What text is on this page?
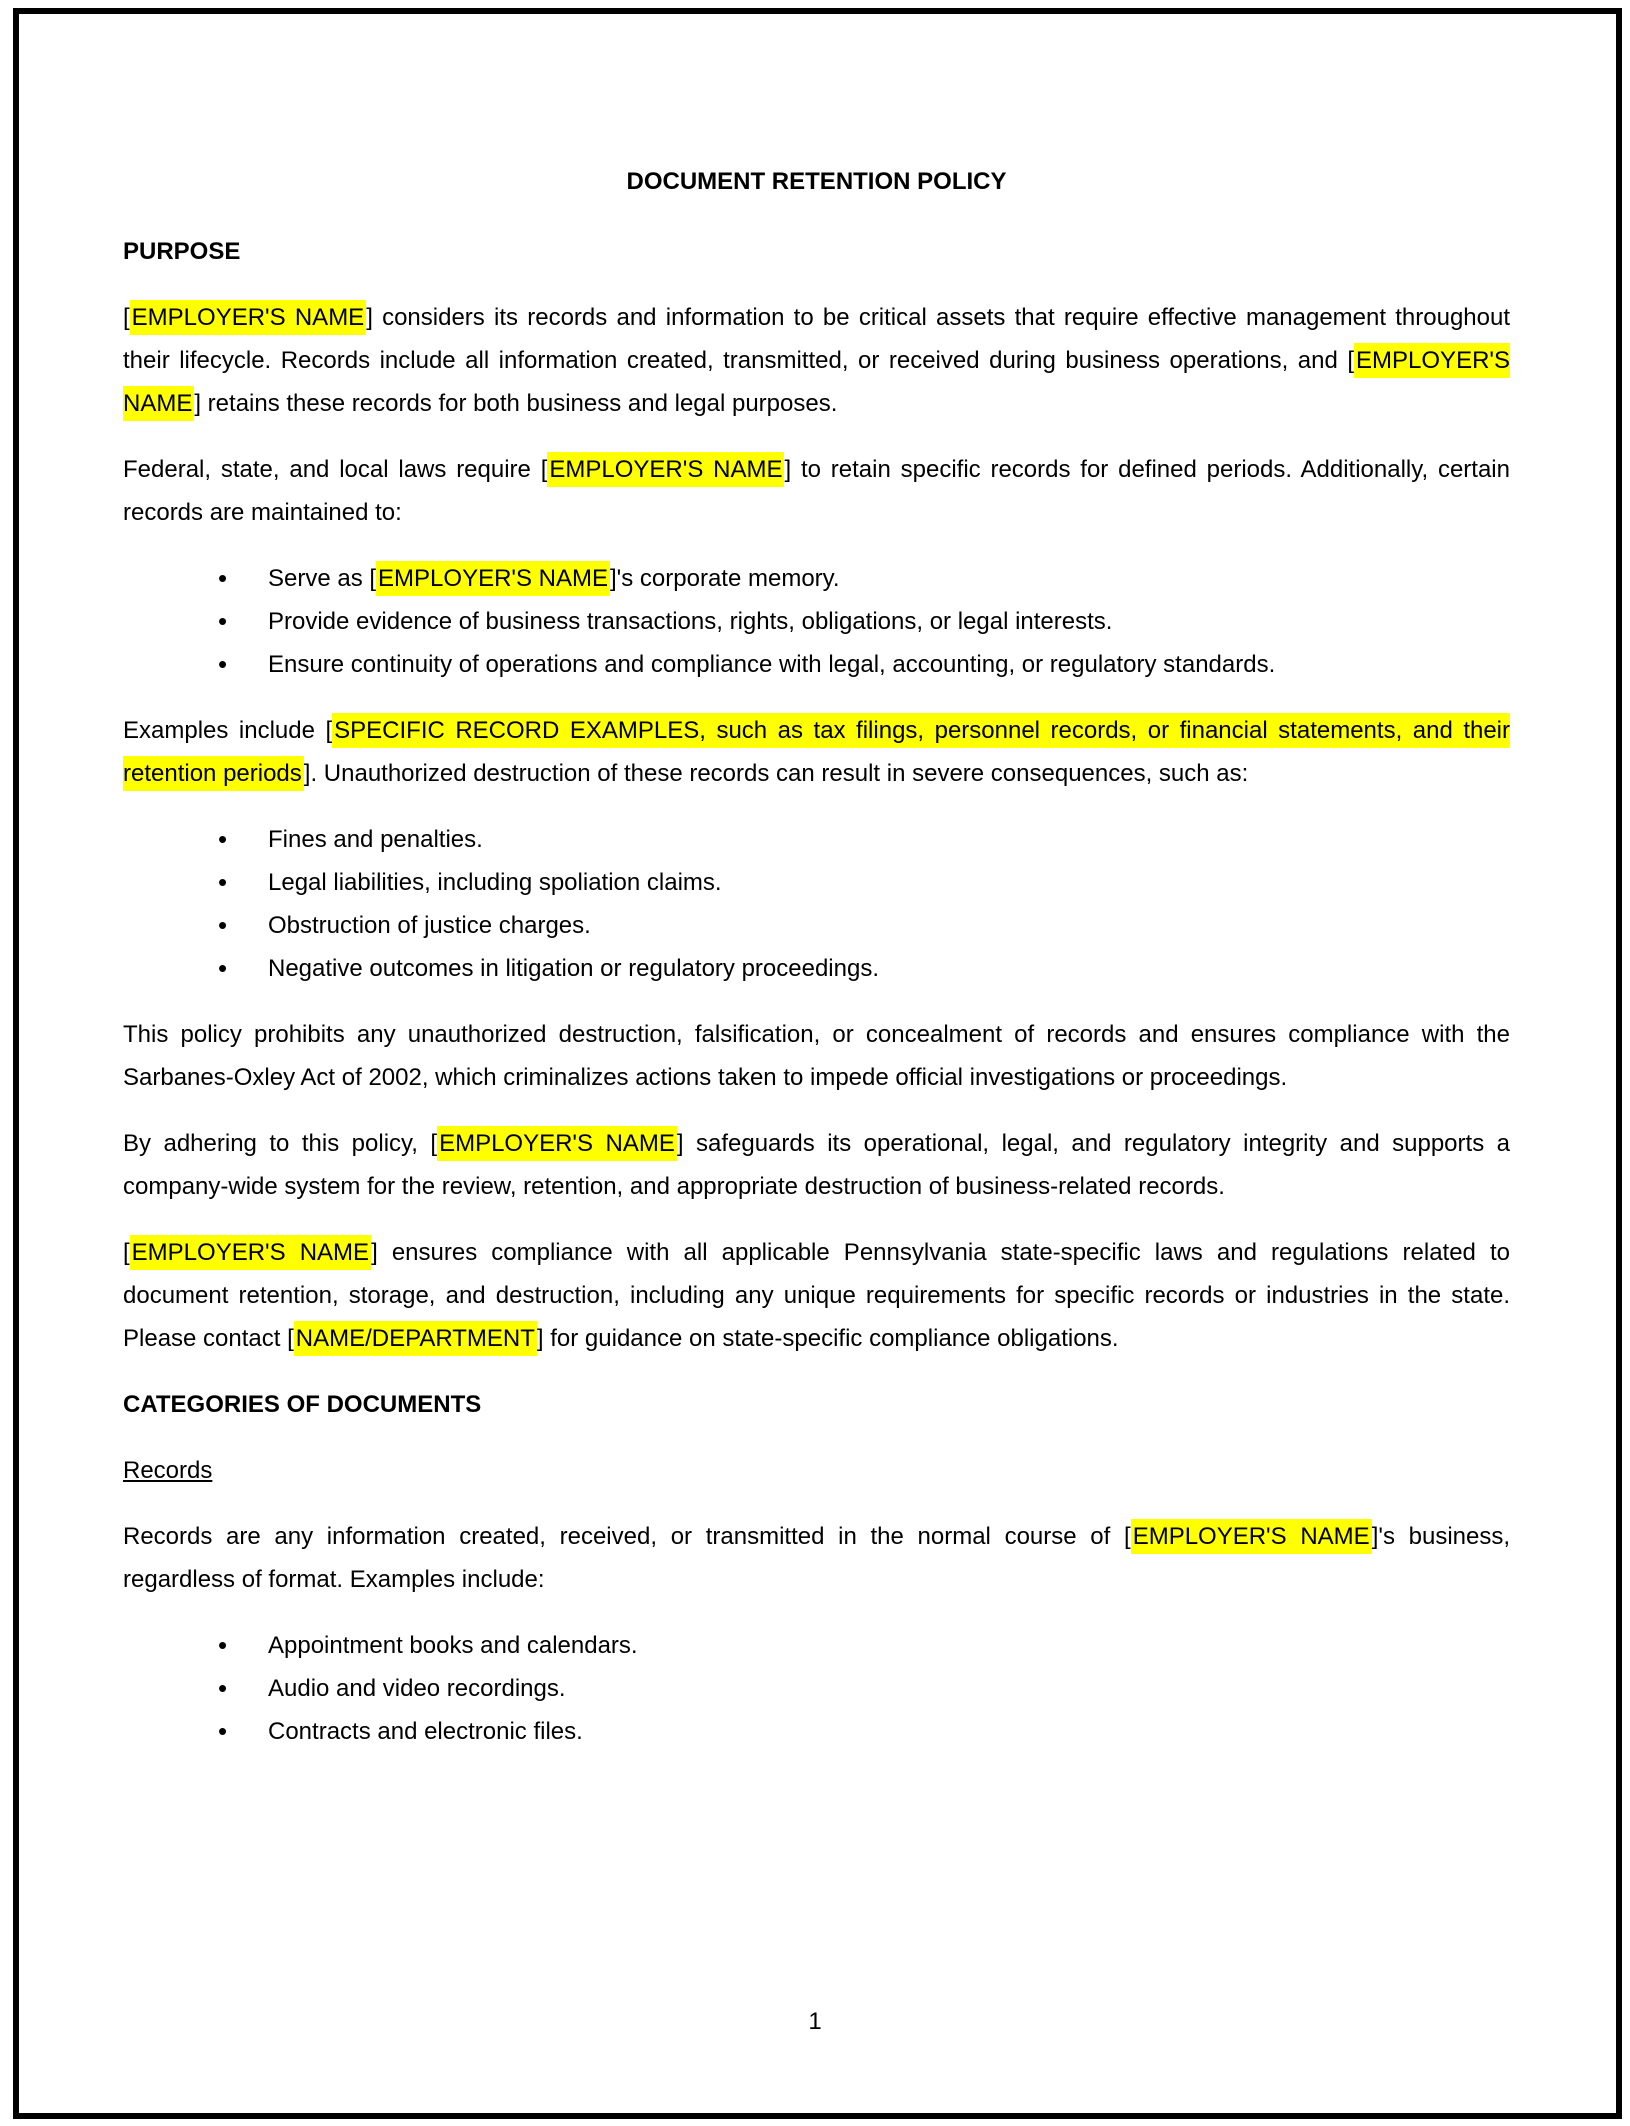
DOCUMENT RETENTION POLICY

PURPOSE

[EMPLOYER'S NAME] considers its records and information to be critical assets that require effective management throughout their lifecycle. Records include all information created, transmitted, or received during business operations, and [EMPLOYER'S NAME] retains these records for both business and legal purposes.

Federal, state, and local laws require [EMPLOYER'S NAME] to retain specific records for defined periods. Additionally, certain records are maintained to:

• Serve as [EMPLOYER'S NAME]'s corporate memory.
• Provide evidence of business transactions, rights, obligations, or legal interests.
• Ensure continuity of operations and compliance with legal, accounting, or regulatory standards.

Examples include [SPECIFIC RECORD EXAMPLES, such as tax filings, personnel records, or financial statements, and their retention periods]. Unauthorized destruction of these records can result in severe consequences, such as:

• Fines and penalties.
• Legal liabilities, including spoliation claims.
• Obstruction of justice charges.
• Negative outcomes in litigation or regulatory proceedings.

This policy prohibits any unauthorized destruction, falsification, or concealment of records and ensures compliance with the Sarbanes-Oxley Act of 2002, which criminalizes actions taken to impede official investigations or proceedings.

By adhering to this policy, [EMPLOYER'S NAME] safeguards its operational, legal, and regulatory integrity and supports a company-wide system for the review, retention, and appropriate destruction of business-related records.

[EMPLOYER'S NAME] ensures compliance with all applicable Pennsylvania state-specific laws and regulations related to document retention, storage, and destruction, including any unique requirements for specific records or industries in the state. Please contact [NAME/DEPARTMENT] for guidance on state-specific compliance obligations.

CATEGORIES OF DOCUMENTS

Records

Records are any information created, received, or transmitted in the normal course of [EMPLOYER'S NAME]'s business, regardless of format. Examples include:

• Appointment books and calendars.
• Audio and video recordings.
• Contracts and electronic files.
1
